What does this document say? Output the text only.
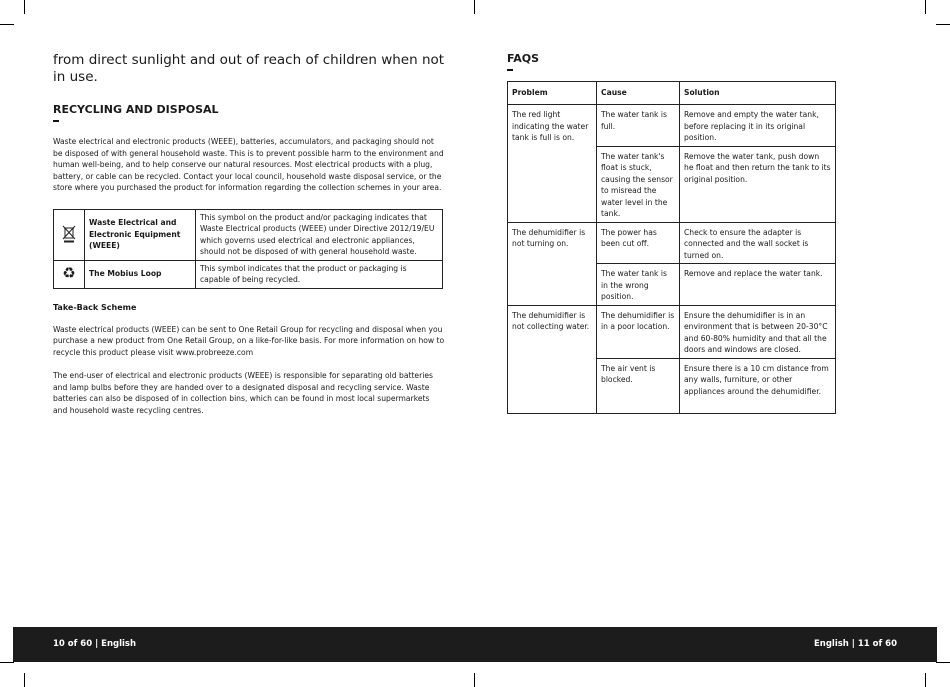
from direct sunlight and out of reach of children when not in use.

RECYCLING AND DISPOSAL

Waste electrical and electronic products (WEEE), batteries, accumulators, and packaging should not be disposed of with general household waste. This is to prevent possible harm to the environment and human well-being, and to help conserve our natural resources. Most electrical products with a plug, battery, or cable can be recycled. Contact your local council, household waste disposal service, or the store where you purchased the product for information regarding the collection schemes in your area.

	Waste Electrical and Electronic Equipment (WEEE)	This symbol on the product and/or packaging indicates that Waste Electrical products (WEEE) under Directive 2012/19/EU which governs used electrical and electronic appliances, should not be disposed of with general household waste.
♻	The Mobius Loop	This symbol indicates that the product or packaging is capable of being recycled.
Take-Back Scheme

Waste electrical products (WEEE) can be sent to One Retail Group for recycling and disposal when you purchase a new product from One Retail Group, on a like-for-like basis. For more information on how to recycle this product please visit www.probreeze.com

The end-user of electrical and electronic products (WEEE) is responsible for separating old batteries and lamp bulbs before they are handed over to a designated disposal and recycling service. Waste batteries can also be disposed of in collection bins, which can be found in most local supermarkets and household waste recycling centres.

FAQS
Problem	Cause	Solution
The red light indicating the water tank is full is on.	The water tank is full.	Remove and empty the water tank, before replacing it in its original position.
	The water tank's float is stuck, causing the sensor to misread the water level in the tank.	Remove the water tank, push down he float and then return the tank to its original position.
The dehumidifier is not turning on.	The power has been cut off.	Check to ensure the adapter is connected and the wall socket is turned on.
	The water tank is in the wrong position.	Remove and replace the water tank.
The dehumidifier is not collecting water.	The dehumidifier is in a poor location.	Ensure the dehumidifier is in an environment that is between 20-30°C and 60-80% humidity and that all the doors and windows are closed.
	The air vent is blocked.	Ensure there is a 10 cm distance from any walls, furniture, or other appliances around the dehumidifier.
10 of 60 | English	English | 11 of 60
